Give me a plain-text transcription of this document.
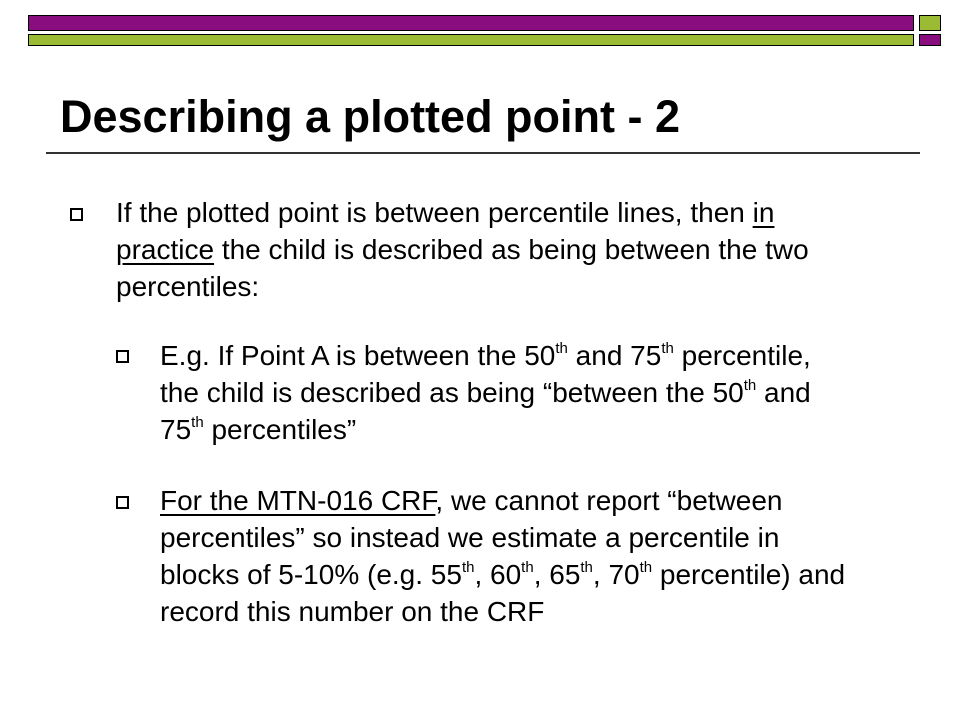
Describing a plotted point - 2

If the plotted point is between percentile lines, then in practice the child is described as being between the two percentiles:

E.g. If Point A is between the 50th and 75th percentile, the child is described as being “between the 50th and 75th percentiles”

For the MTN-016 CRF, we cannot report “between percentiles” so instead we estimate a percentile in blocks of 5-10% (e.g. 55th, 60th, 65th, 70th percentile) and record this number on the CRF
